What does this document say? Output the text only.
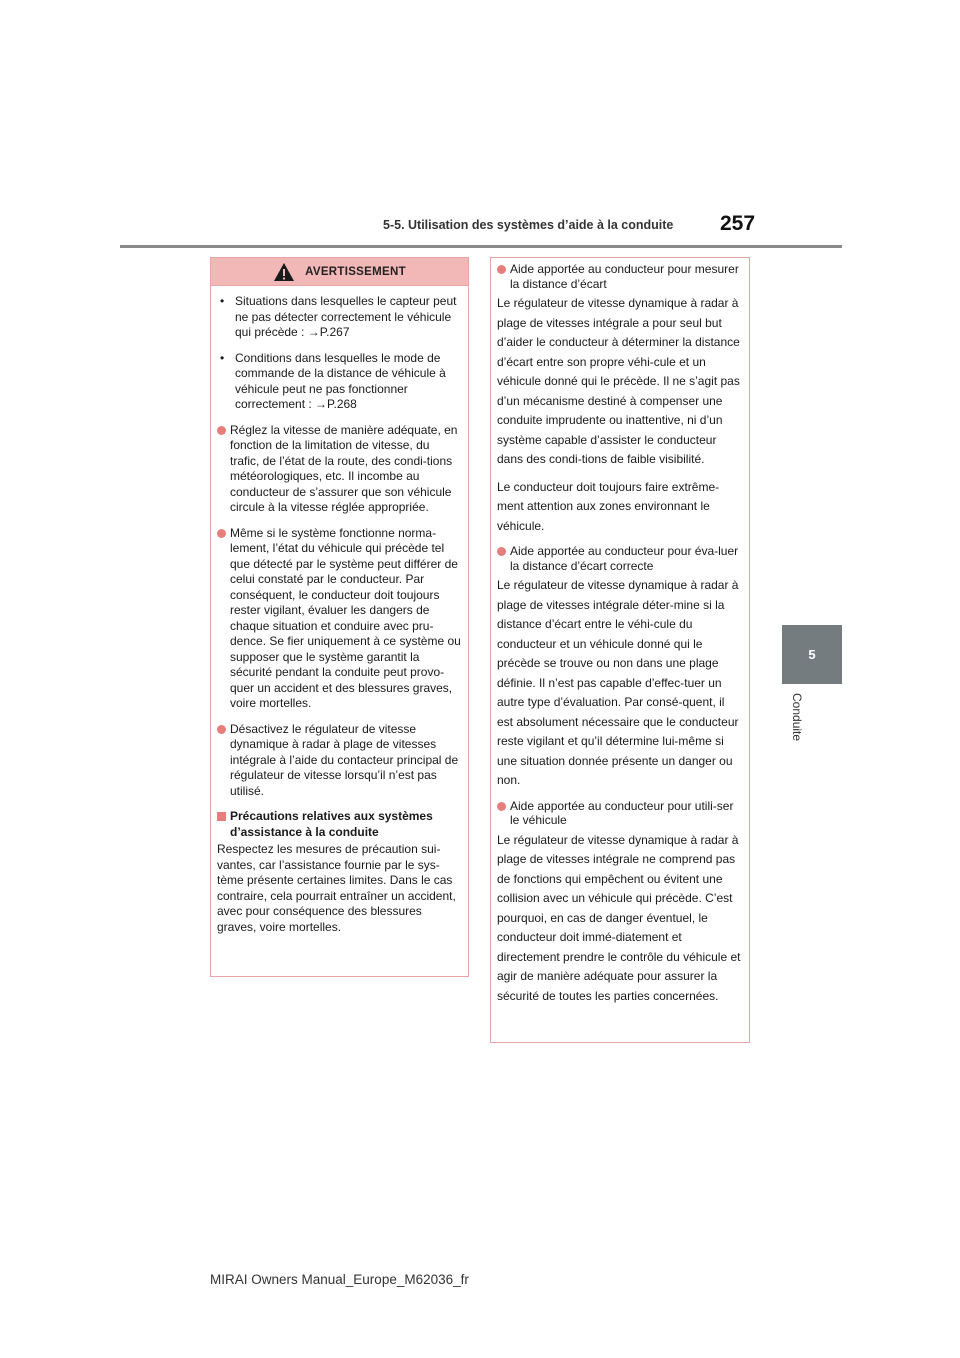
5-5. Utilisation des systèmes d’aide à la conduite	257
5
Conduite
AVERTISSEMENT
• Situations dans lesquelles le capteur peut ne pas détecter correctement le véhicule qui précède : →P.267
• Conditions dans lesquelles le mode de commande de la distance de véhicule à véhicule peut ne pas fonctionner correctement : →P.268
Réglez la vitesse de manière adéquate, en fonction de la limitation de vitesse, du trafic, de l’état de la route, des condi-tions météorologiques, etc. Il incombe au conducteur de s’assurer que son véhicule circule à la vitesse réglée appropriée.
Même si le système fonctionne norma-lement, l’état du véhicule qui précède tel que détecté par le système peut différer de celui constaté par le conducteur. Par conséquent, le conducteur doit toujours rester vigilant, évaluer les dangers de chaque situation et conduire avec pru-dence. Se fier uniquement à ce système ou supposer que le système garantit la sécurité pendant la conduite peut provo-quer un accident et des blessures graves, voire mortelles.
Désactivez le régulateur de vitesse dynamique à radar à plage de vitesses intégrale à l’aide du contacteur principal de régulateur de vitesse lorsqu’il n’est pas utilisé.
Précautions relatives aux systèmes d’assistance à la conduite

Respectez les mesures de précaution sui-vantes, car l’assistance fournie par le sys-tème présente certaines limites. Dans le cas contraire, cela pourrait entraîner un accident, avec pour conséquence des blessures graves, voire mortelles.

Aide apportée au conducteur pour mesurer la distance d’écart
Le régulateur de vitesse dynamique à radar à plage de vitesses intégrale a pour seul but d’aider le conducteur à déterminer la distance d’écart entre son propre véhi-cule et un véhicule donné qui le précède. Il ne s’agit pas d’un mécanisme destiné à compenser une conduite imprudente ou inattentive, ni d’un système capable d’assister le conducteur dans des condi-tions de faible visibilité.
Le conducteur doit toujours faire extrême-ment attention aux zones environnant le véhicule.
Aide apportée au conducteur pour éva-luer la distance d’écart correcte
Le régulateur de vitesse dynamique à radar à plage de vitesses intégrale déter-mine si la distance d’écart entre le véhi-cule du conducteur et un véhicule donné qui le précède se trouve ou non dans une plage définie. Il n’est pas capable d’effec-tuer un autre type d’évaluation. Par consé-quent, il est absolument nécessaire que le conducteur reste vigilant et qu’il détermine lui-même si une situation donnée présente un danger ou non.
Aide apportée au conducteur pour utili-ser le véhicule
Le régulateur de vitesse dynamique à radar à plage de vitesses intégrale ne comprend pas de fonctions qui empêchent ou évitent une collision avec un véhicule qui précède. C’est pourquoi, en cas de danger éventuel, le conducteur doit immé-diatement et directement prendre le contrôle du véhicule et agir de manière adéquate pour assurer la sécurité de toutes les parties concernées.
MIRAI Owners Manual_Europe_M62036_fr
